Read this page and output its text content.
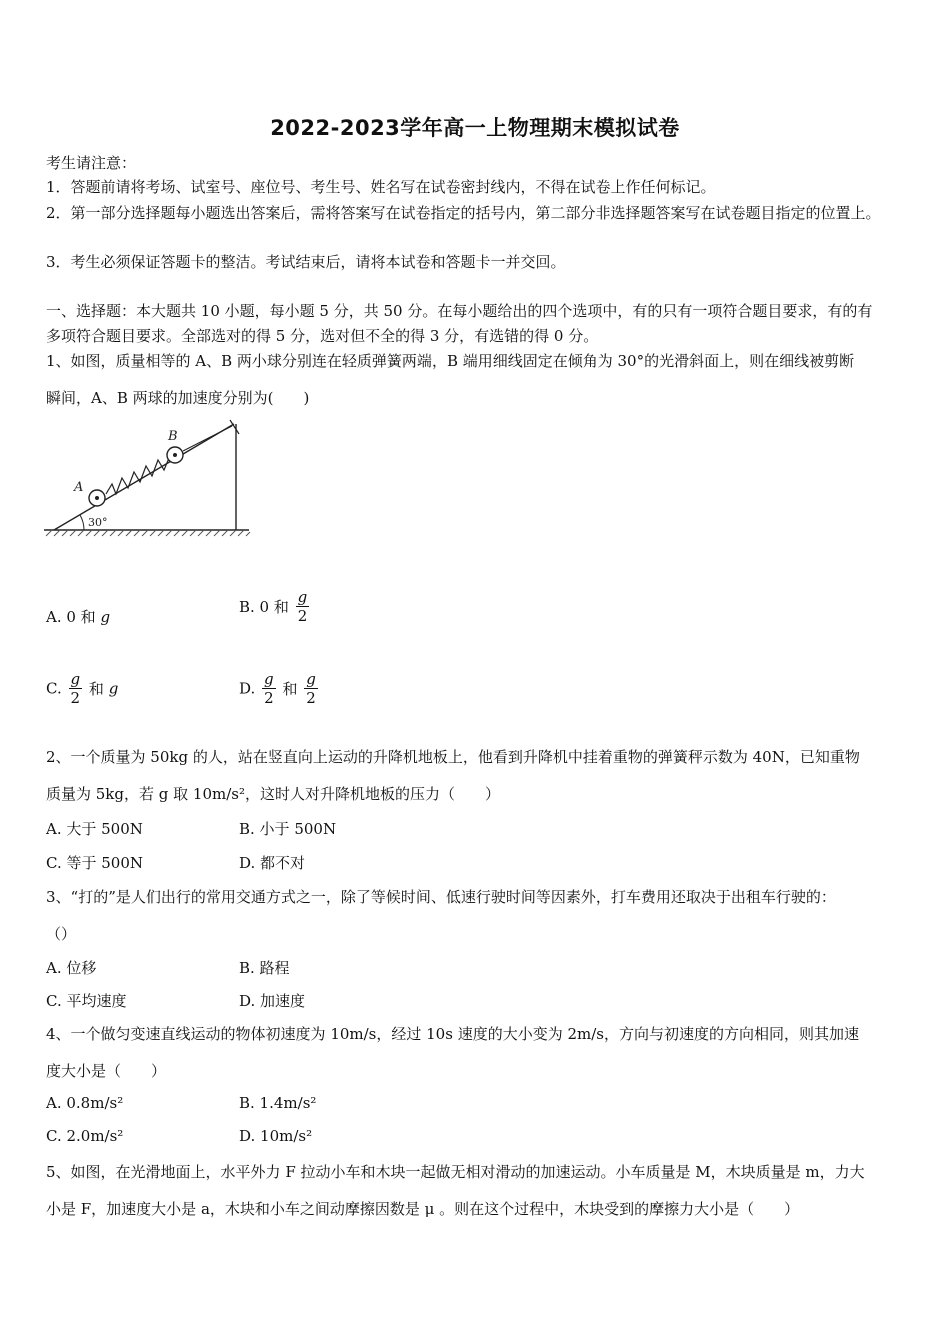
2022-2023学年高一上物理期末模拟试卷
考生请注意：
1．答题前请将考场、试室号、座位号、考生号、姓名写在试卷密封线内，不得在试卷上作任何标记。
2．第一部分选择题每小题选出答案后，需将答案写在试卷指定的括号内，第二部分非选择题答案写在试卷题目指定的位置上。
3．考生必须保证答题卡的整洁。考试结束后，请将本试卷和答题卡一并交回。
一、选择题：本大题共 10 小题，每小题 5 分，共 50 分。在每小题给出的四个选项中，有的只有一项符合题目要求，有的有
多项符合题目要求。全部选对的得 5 分，选对但不全的得 3 分，有选错的得 0 分。
1、如图，质量相等的 A、B 两小球分别连在轻质弹簧两端，B 端用细线固定在倾角为 30°的光滑斜面上，则在细线被剪断
瞬间，A、B 两球的加速度分别为(　　)
30°
A
B
A. 0 和 g
B. 0 和 $\frac{g}{2}$
C. $\frac{g}{2}$ 和 g	D. $\frac{g}{2}$ 和 $\frac{g}{2}$
2、一个质量为 50kg 的人，站在竖直向上运动的升降机地板上，他看到升降机中挂着重物的弹簧秤示数为 40N，已知重物
质量为 5kg，若 g 取 10m/s²，这时人对升降机地板的压力（　　）
A. 大于 500N	B. 小于 500N
C. 等于 500N	D. 都不对
3、“打的”是人们出行的常用交通方式之一，除了等候时间、低速行驶时间等因素外，打车费用还取决于出租车行驶的：
（）
A. 位移	B. 路程
C. 平均速度	D. 加速度
4、一个做匀变速直线运动的物体初速度为 10m/s，经过 10s 速度的大小变为 2m/s，方向与初速度的方向相同，则其加速
度大小是（　　）
A. 0.8m/s²	B. 1.4m/s²
C. 2.0m/s²	D. 10m/s²
5、如图，在光滑地面上，水平外力 F 拉动小车和木块一起做无相对滑动的加速运动。小车质量是 M，木块质量是 m，力大
小是 F，加速度大小是 a，木块和小车之间动摩擦因数是 μ 。则在这个过程中，木块受到的摩擦力大小是（　　）
